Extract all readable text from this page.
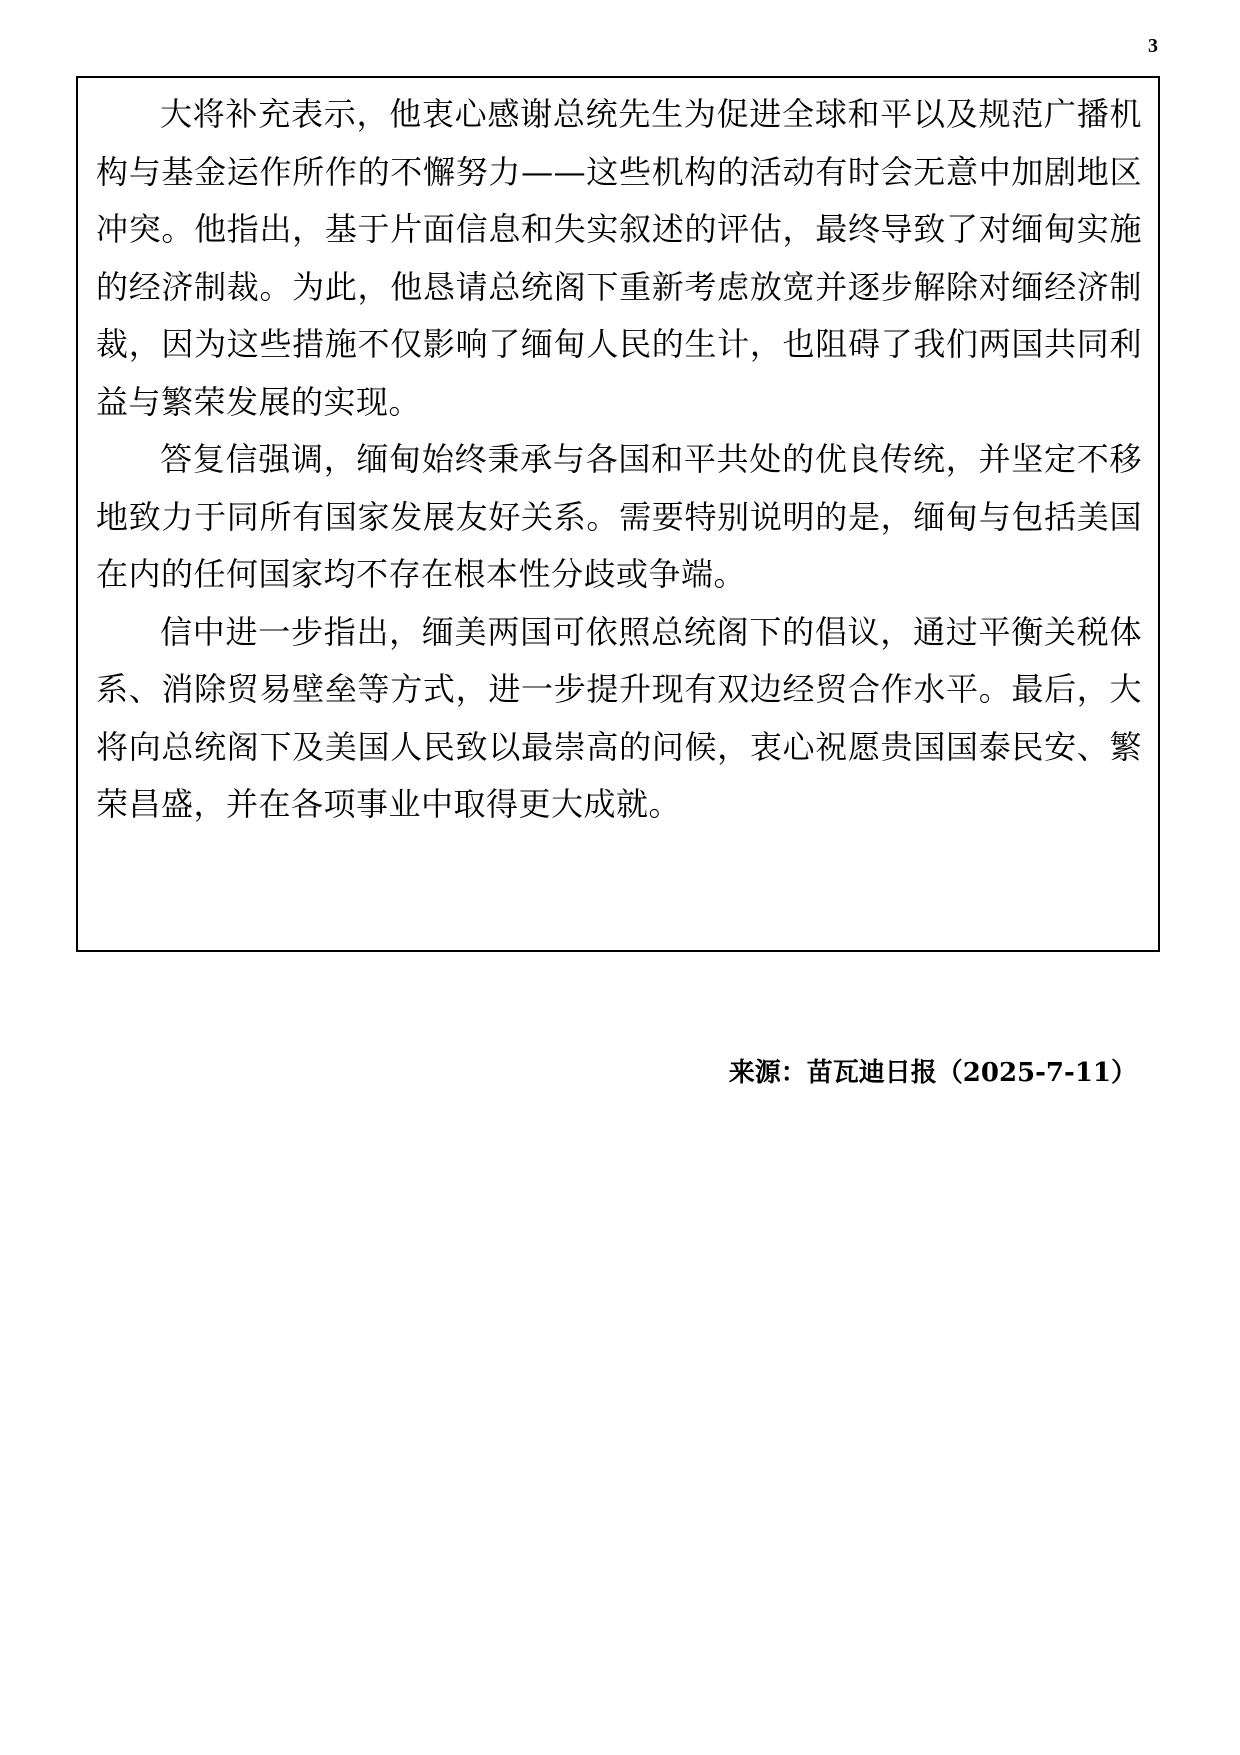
3

大将补充表示，他衷心感谢总统先生为促进全球和平以及规范广播机构与基金运作所作的不懈努力——这些机构的活动有时会无意中加剧地区冲突。他指出，基于片面信息和失实叙述的评估，最终导致了对缅甸实施的经济制裁。为此，他恳请总统阁下重新考虑放宽并逐步解除对缅经济制裁，因为这些措施不仅影响了缅甸人民的生计，也阻碍了我们两国共同利益与繁荣发展的实现。

答复信强调，缅甸始终秉承与各国和平共处的优良传统，并坚定不移地致力于同所有国家发展友好关系。需要特别说明的是，缅甸与包括美国在内的任何国家均不存在根本性分歧或争端。

信中进一步指出，缅美两国可依照总统阁下的倡议，通过平衡关税体系、消除贸易壁垒等方式，进一步提升现有双边经贸合作水平。最后，大将向总统阁下及美国人民致以最崇高的问候，衷心祝愿贵国国泰民安、繁荣昌盛，并在各项事业中取得更大成就。

来源：苗瓦迪日报（2025-7-11）
